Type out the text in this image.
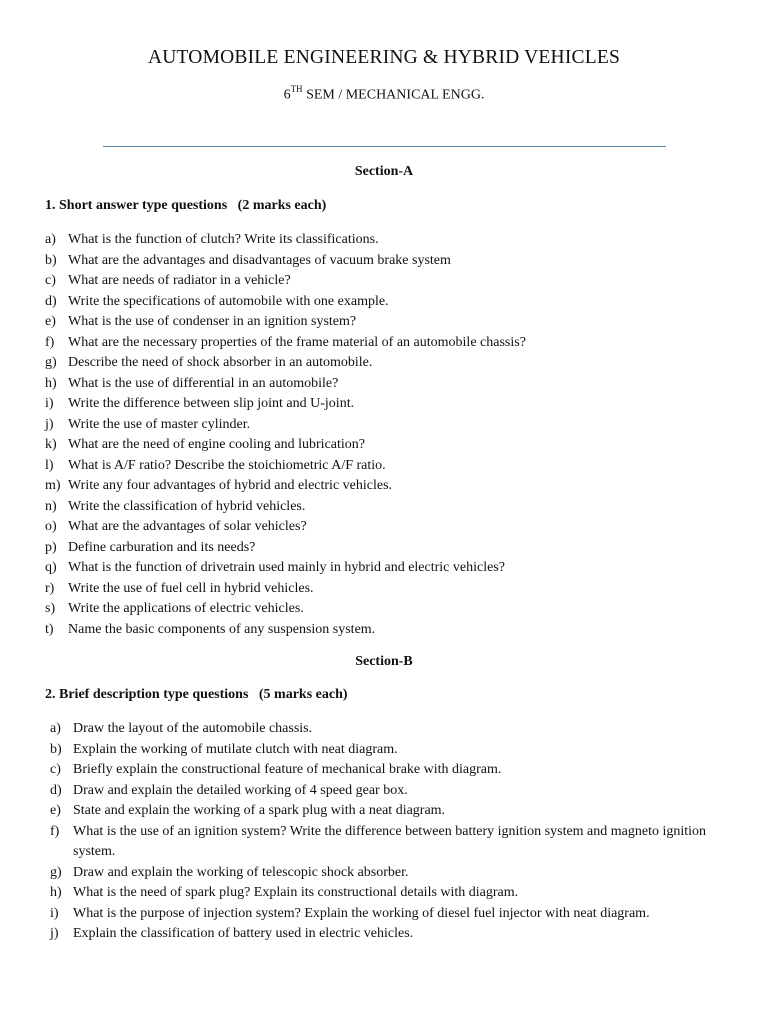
AUTOMOBILE ENGINEERING & HYBRID VEHICLES
6TH SEM / MECHANICAL ENGG.
Section-A
1. Short answer type questions   (2 marks each)
a) What is the function of clutch? Write its classifications.
b) What are the advantages and disadvantages of vacuum brake system
c) What are needs of radiator in a vehicle?
d) Write the specifications of automobile with one example.
e) What is the use of condenser in an ignition system?
f) What are the necessary properties of the frame material of an automobile chassis?
g) Describe the need of shock absorber in an automobile.
h) What is the use of differential in an automobile?
i) Write the difference between slip joint and U-joint.
j) Write the use of master cylinder.
k) What are the need of engine cooling and lubrication?
l) What is A/F ratio? Describe the stoichiometric A/F ratio.
m) Write any four advantages of hybrid and electric vehicles.
n) Write the classification of hybrid vehicles.
o) What are the advantages of solar vehicles?
p) Define carburation and its needs?
q) What is the function of drivetrain used mainly in hybrid and electric vehicles?
r) Write the use of fuel cell in hybrid vehicles.
s) Write the applications of electric vehicles.
t) Name the basic components of any suspension system.
Section-B
2. Brief description type questions   (5 marks each)
a) Draw the layout of the automobile chassis.
b) Explain the working of mutilate clutch with neat diagram.
c) Briefly explain the constructional feature of mechanical brake with diagram.
d) Draw and explain the detailed working of 4 speed gear box.
e) State and explain the working of a spark plug with a neat diagram.
f) What is the use of an ignition system? Write the difference between battery ignition system and magneto ignition system.
g) Draw and explain the working of telescopic shock absorber.
h) What is the need of spark plug? Explain its constructional details with diagram.
i) What is the purpose of injection system? Explain the working of diesel fuel injector with neat diagram.
j) Explain the classification of battery used in electric vehicles.
